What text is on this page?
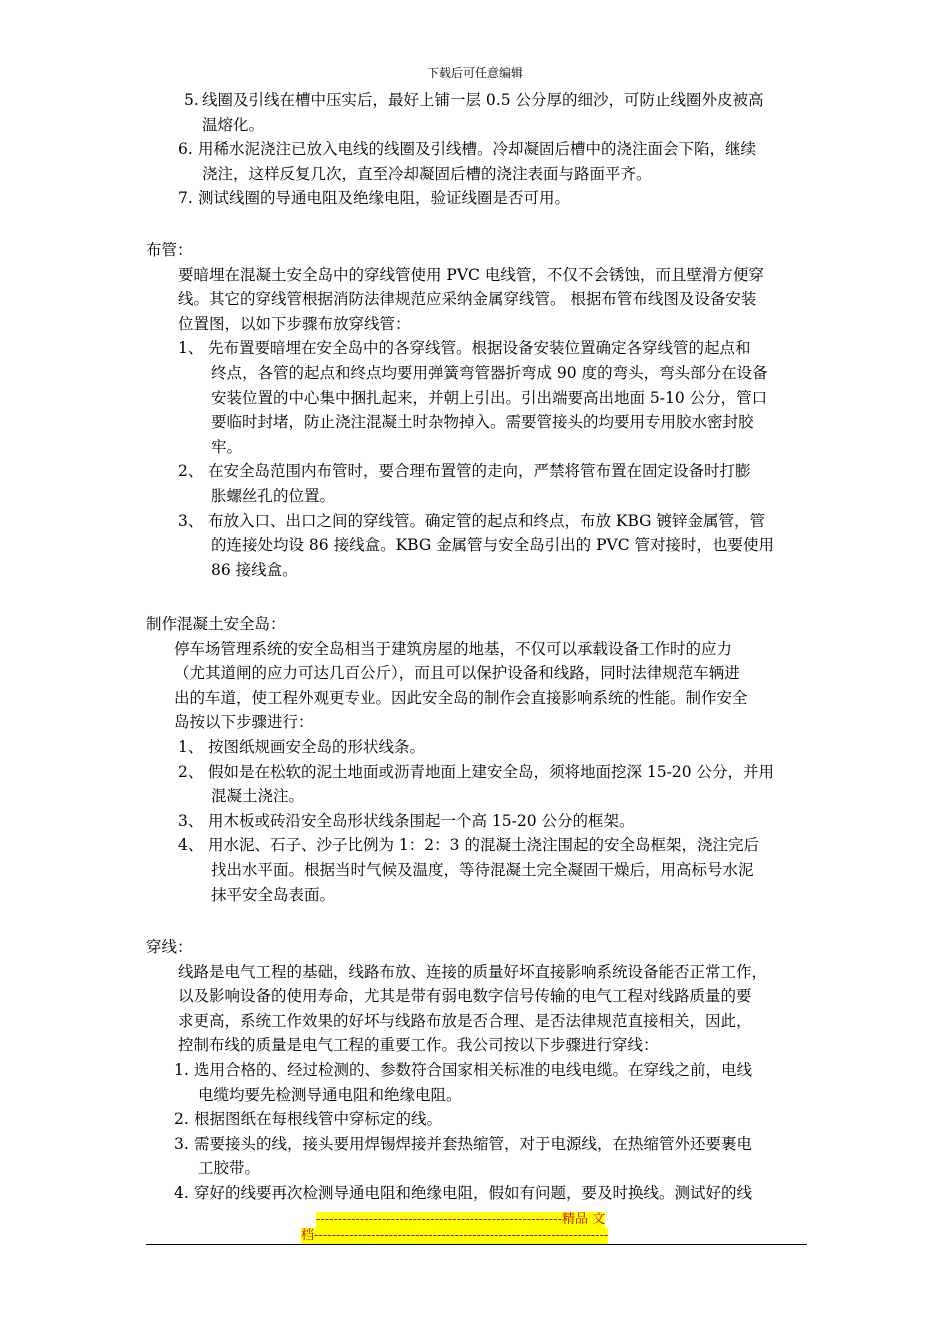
下载后可任意编辑
5. 线圈及引线在槽中压实后，最好上铺一层 0.5 公分厚的细沙，可防止线圈外皮被高
温熔化。
6. 用稀水泥浇注已放入电线的线圈及引线槽。冷却凝固后槽中的浇注面会下陷，继续
浇注，这样反复几次，直至冷却凝固后槽的浇注表面与路面平齐。
7. 测试线圈的导通电阻及绝缘电阻，验证线圈是否可用。
布管：
要暗埋在混凝土安全岛中的穿线管使用 PVC 电线管，不仅不会锈蚀，而且壁滑方便穿
线。其它的穿线管根据消防法律规范应采纳金属穿线管。 根据布管布线图及设备安装
位置图，以如下步骤布放穿线管：
1、 先布置要暗埋在安全岛中的各穿线管。根据设备安装位置确定各穿线管的起点和
终点，各管的起点和终点均要用弹簧弯管器折弯成 90 度的弯头，弯头部分在设备
安装位置的中心集中捆扎起来，并朝上引出。引出端要高出地面 5-10 公分，管口
要临时封堵，防止浇注混凝土时杂物掉入。需要管接头的均要用专用胶水密封胶
牢。
2、 在安全岛范围内布管时，要合理布置管的走向，严禁将管布置在固定设备时打膨
胀螺丝孔的位置。
3、 布放入口、出口之间的穿线管。确定管的起点和终点，布放 KBG 镀锌金属管，管
的连接处均设 86 接线盒。KBG 金属管与安全岛引出的 PVC 管对接时，也要使用
86 接线盒。
制作混凝土安全岛：
停车场管理系统的安全岛相当于建筑房屋的地基，不仅可以承载设备工作时的应力
（尤其道闸的应力可达几百公斤），而且可以保护设备和线路，同时法律规范车辆进
出的车道，使工程外观更专业。因此安全岛的制作会直接影响系统的性能。制作安全
岛按以下步骤进行：
1、 按图纸规画安全岛的形状线条。
2、 假如是在松软的泥土地面或沥青地面上建安全岛，须将地面挖深 15-20 公分，并用
混凝土浇注。
3、 用木板或砖沿安全岛形状线条围起一个高 15-20 公分的框架。
4、 用水泥、石子、沙子比例为 1：2：3 的混凝土浇注围起的安全岛框架，浇注完后
找出水平面。根据当时气候及温度，等待混凝土完全凝固干燥后，用高标号水泥
抹平安全岛表面。
穿线：
线路是电气工程的基础，线路布放、连接的质量好坏直接影响系统设备能否正常工作，
以及影响设备的使用寿命，尤其是带有弱电数字信号传输的电气工程对线路质量的要
求更高，系统工作效果的好坏与线路布放是否合理、是否法律规范直接相关，因此，
控制布线的质量是电气工程的重要工作。我公司按以下步骤进行穿线：
1. 选用合格的、经过检测的、参数符合国家相关标准的电线电缆。在穿线之前，电线
电缆均要先检测导通电阻和绝缘电阻。
2. 根据图纸在每根线管中穿标定的线。
3. 需要接头的线，接头要用焊锡焊接并套热缩管，对于电源线，在热缩管外还要裹电
工胶带。
4. 穿好的线要再次检测导通电阻和绝缘电阻，假如有问题，要及时换线。测试好的线
--------------------------------------------------------精品 文
档-------------------------------------------------------------------
